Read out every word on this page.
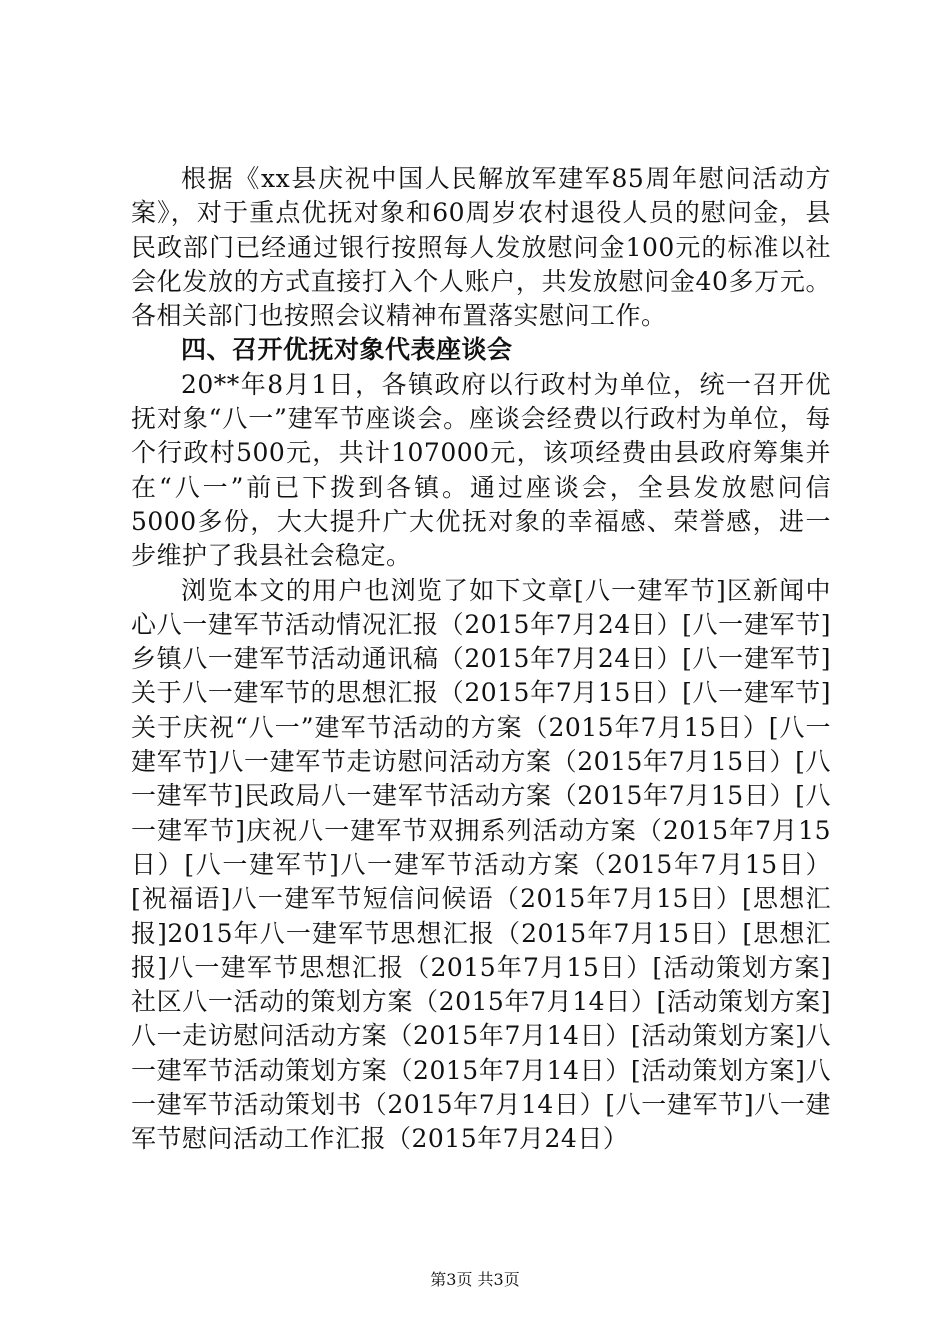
根据《xx县庆祝中国人民解放军建军85周年慰问活动方案》，对于重点优抚对象和60周岁农村退役人员的慰问金，县民政部门已经通过银行按照每人发放慰问金100元的标准以社会化发放的方式直接打入个人账户，共发放慰问金40多万元。各相关部门也按照会议精神布置落实慰问工作。

四、召开优抚对象代表座谈会

20**年8月1日，各镇政府以行政村为单位，统一召开优抚对象“八一”建军节座谈会。座谈会经费以行政村为单位，每个行政村500元，共计107000元，该项经费由县政府筹集并在“八一”前已下拨到各镇。通过座谈会，全县发放慰问信5000多份，大大提升广大优抚对象的幸福感、荣誉感，进一步维护了我县社会稳定。

浏览本文的用户也浏览了如下文章[八一建军节]区新闻中心八一建军节活动情况汇报（2015年7月24日）[八一建军节]乡镇八一建军节活动通讯稿（2015年7月24日）[八一建军节]关于八一建军节的思想汇报（2015年7月15日）[八一建军节]关于庆祝“八一”建军节活动的方案（2015年7月15日）[八一建军节]八一建军节走访慰问活动方案（2015年7月15日）[八一建军节]民政局八一建军节活动方案（2015年7月15日）[八一建军节]庆祝八一建军节双拥系列活动方案（2015年7月15日）[八一建军节]八一建军节活动方案（2015年7月15日）[祝福语]八一建军节短信问候语（2015年7月15日）[思想汇报]2015年八一建军节思想汇报（2015年7月15日）[思想汇报]八一建军节思想汇报（2015年7月15日）[活动策划方案]社区八一活动的策划方案（2015年7月14日）[活动策划方案]八一走访慰问活动方案（2015年7月14日）[活动策划方案]八一建军节活动策划方案（2015年7月14日）[活动策划方案]八一建军节活动策划书（2015年7月14日）[八一建军节]八一建军节慰问活动工作汇报（2015年7月24日）

第3页 共3页
